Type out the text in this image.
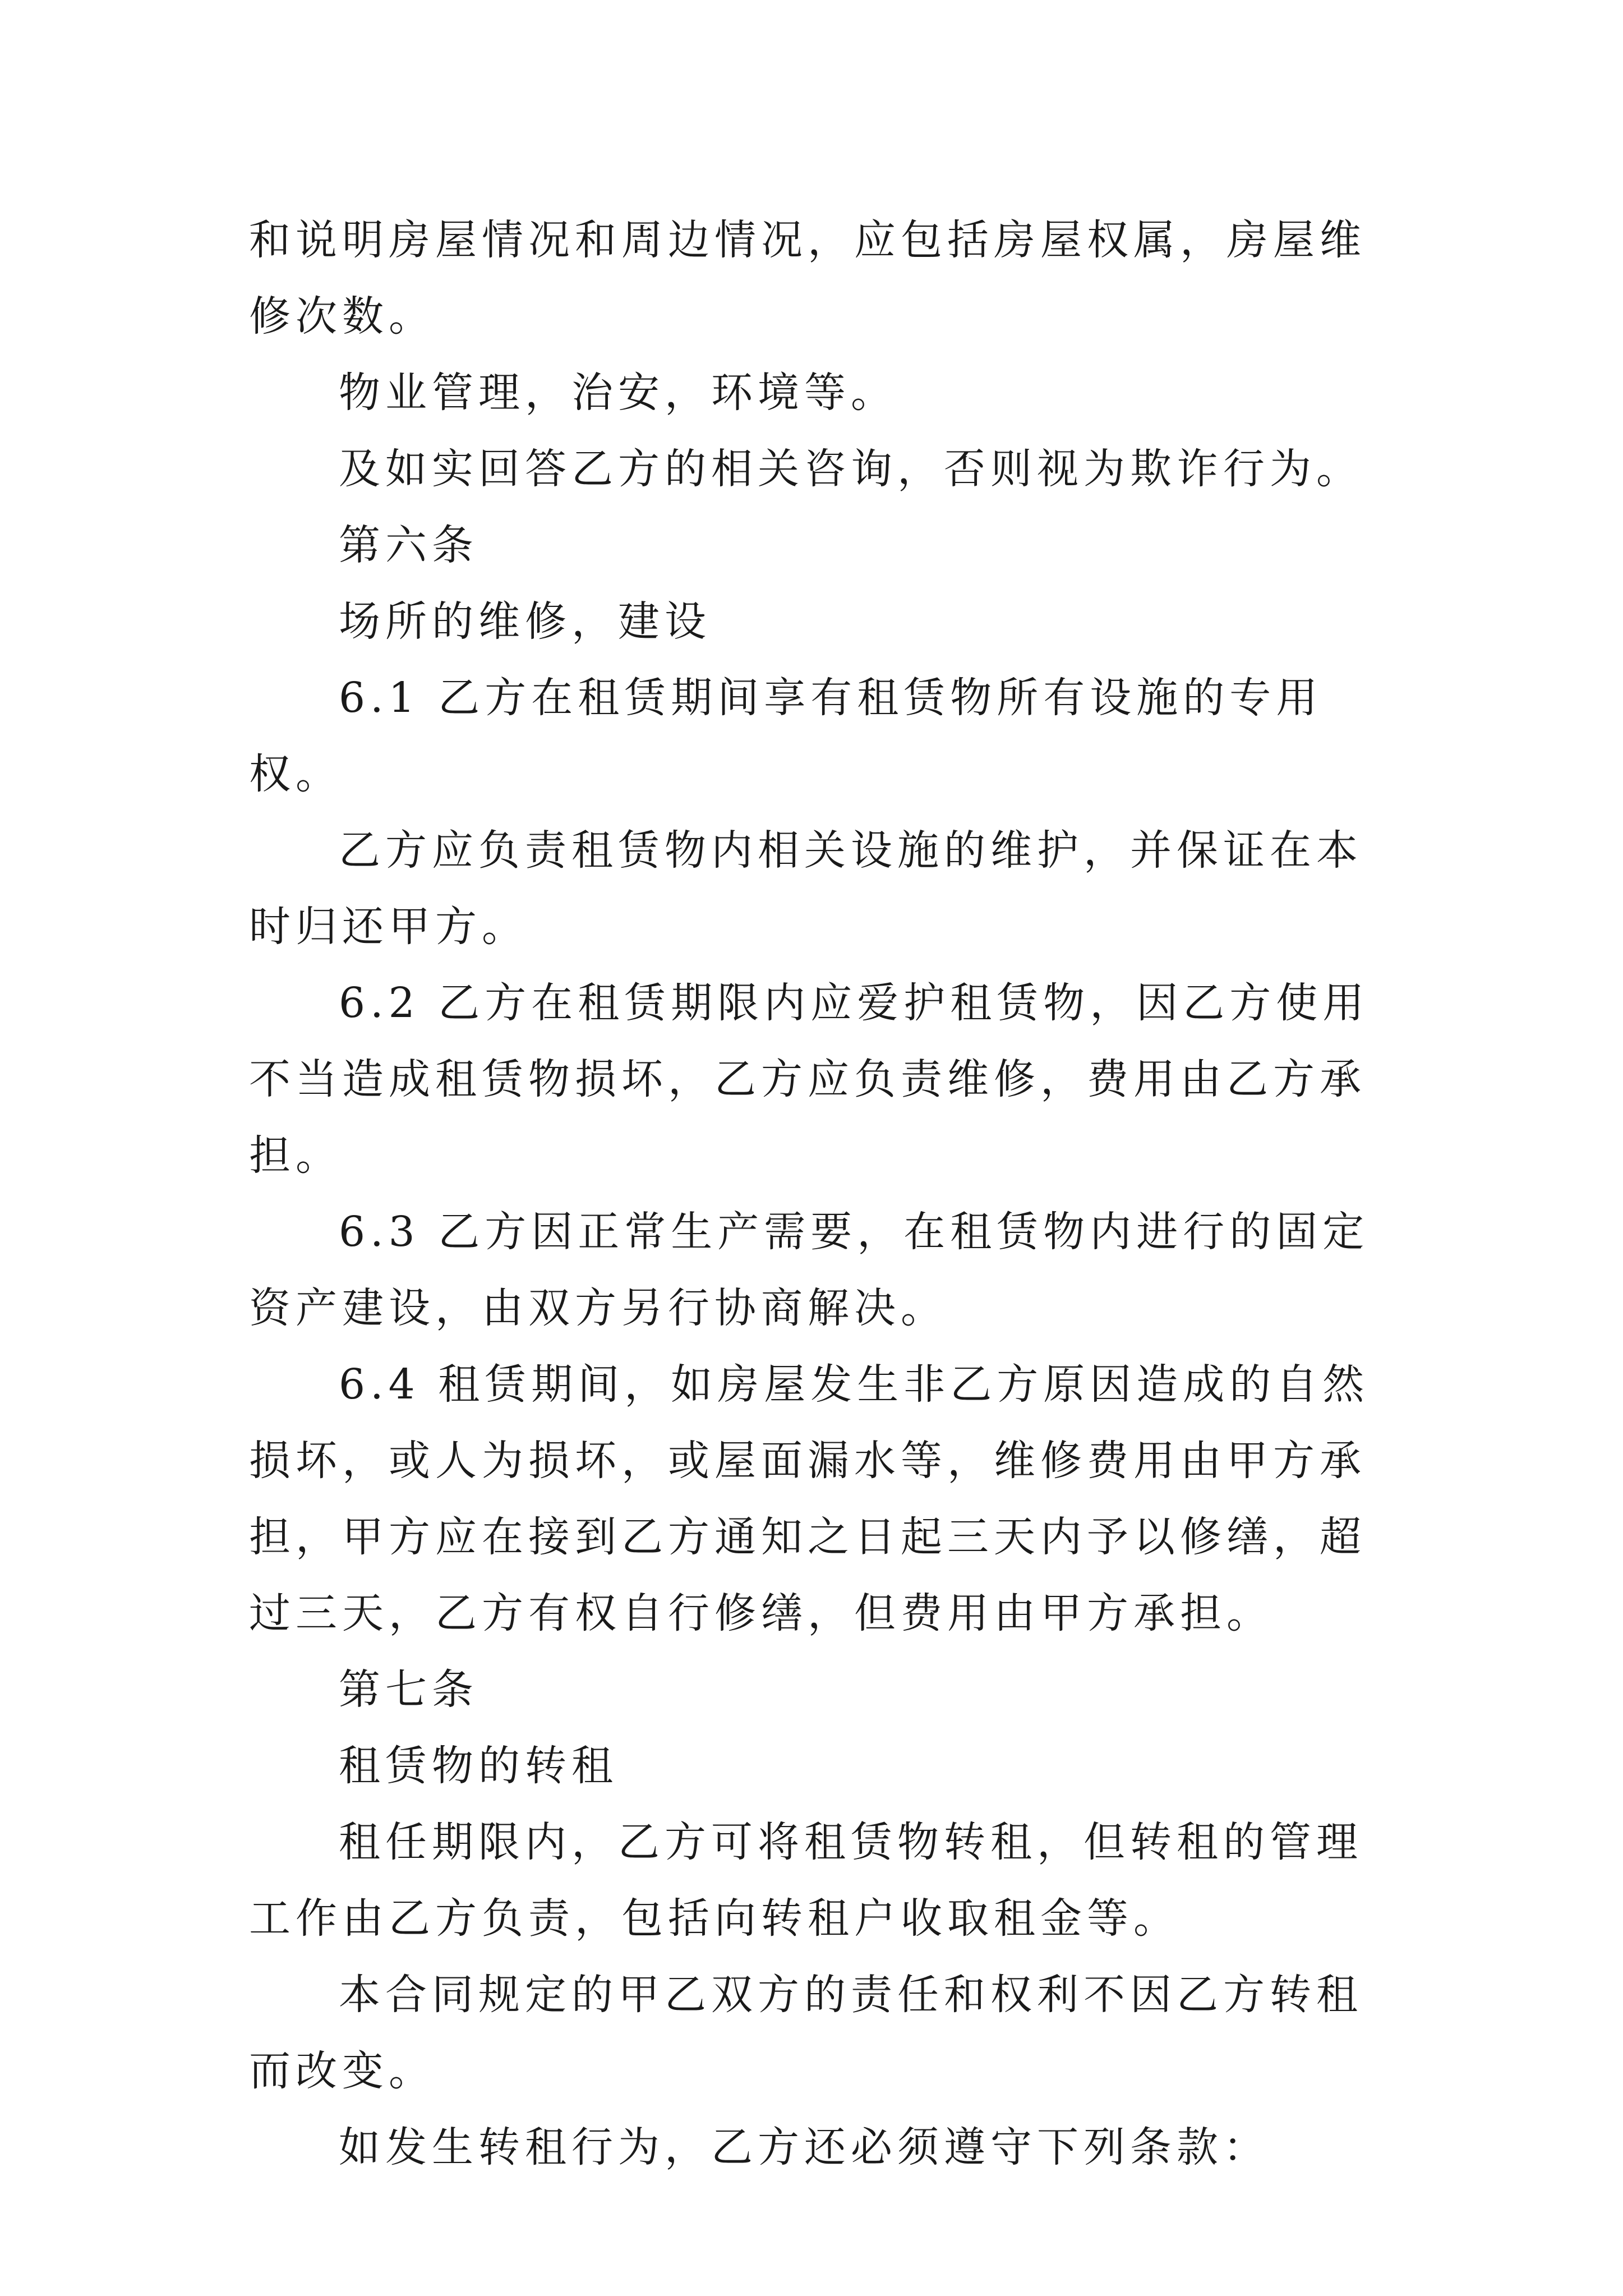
和说明房屋情况和周边情况，应包括房屋权属，房屋维修次数。

物业管理，治安，环境等。

及如实回答乙方的相关咨询，否则视为欺诈行为。

第六条

场所的维修，建设

6.1 乙方在租赁期间享有租赁物所有设施的专用权。

乙方应负责租赁物内相关设施的维护，并保证在本时归还甲方。

6.2 乙方在租赁期限内应爱护租赁物，因乙方使用不当造成租赁物损坏，乙方应负责维修，费用由乙方承担。

6.3 乙方因正常生产需要，在租赁物内进行的固定资产建设，由双方另行协商解决。

6.4 租赁期间，如房屋发生非乙方原因造成的自然损坏，或人为损坏，或屋面漏水等，维修费用由甲方承担，甲方应在接到乙方通知之日起三天内予以修缮，超过三天，乙方有权自行修缮，但费用由甲方承担。

第七条

租赁物的转租

租任期限内，乙方可将租赁物转租，但转租的管理工作由乙方负责，包括向转租户收取租金等。

本合同规定的甲乙双方的责任和权利不因乙方转租而改变。

如发生转租行为，乙方还必须遵守下列条款：
